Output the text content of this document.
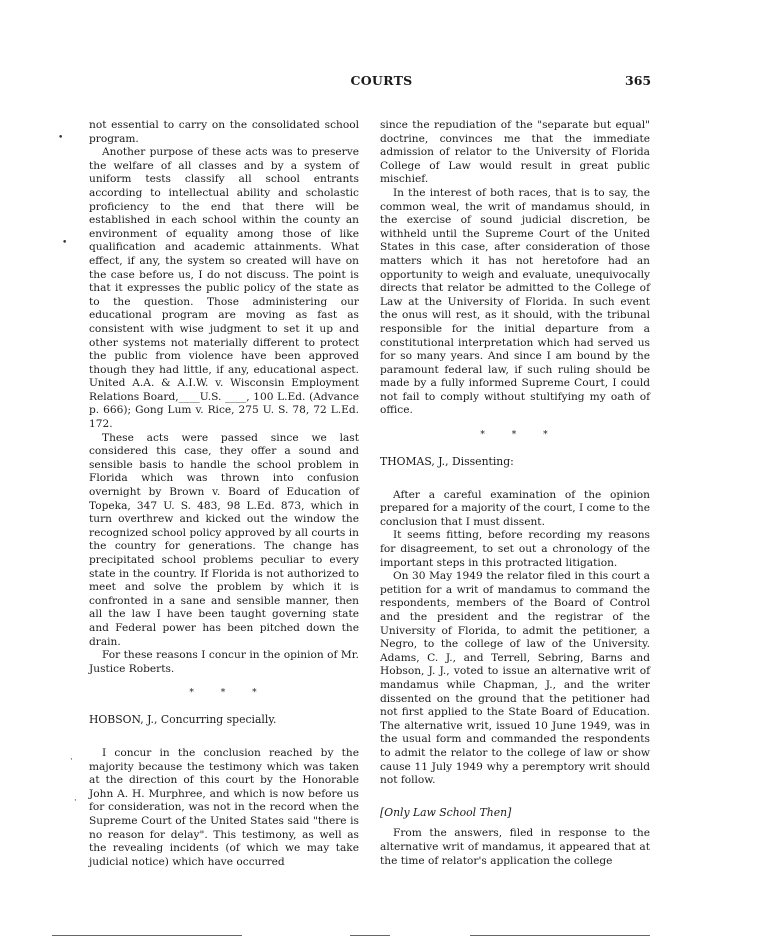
COURTS	365

not essential to carry on the consolidated school program.

Another purpose of these acts was to preserve the welfare of all classes and by a system of uniform tests classify all school entrants according to intellectual ability and scholastic proficiency to the end that there will be established in each school within the county an environment of equality among those of like qualification and academic attainments. What effect, if any, the system so created will have on the case before us, I do not discuss. The point is that it expresses the public policy of the state as to the question. Those administering our educational program are moving as fast as consistent with wise judgment to set it up and other systems not materially different to protect the public from violence have been approved though they had little, if any, educational aspect. United A.A. & A.I.W. v. Wisconsin Employment Relations Board,____U.S. ____, 100 L.Ed. (Advance p. 666); Gong Lum v. Rice, 275 U. S. 78, 72 L.Ed. 172.

These acts were passed since we last considered this case, they offer a sound and sensible basis to handle the school problem in Florida which was thrown into confusion overnight by Brown v. Board of Education of Topeka, 347 U. S. 483, 98 L.Ed. 873, which in turn overthrew and kicked out the window the recognized school policy approved by all courts in the country for generations. The change has precipitated school problems peculiar to every state in the country. If Florida is not authorized to meet and solve the problem by which it is confronted in a sane and sensible manner, then all the law I have been taught governing state and Federal power has been pitched down the drain.

For these reasons I concur in the opinion of Mr. Justice Roberts.

* * *
HOBSON, J., Concurring specially.

I concur in the conclusion reached by the majority because the testimony which was taken at the direction of this court by the Honorable John A. H. Murphree, and which is now before us for consideration, was not in the record when the Supreme Court of the United States said "there is no reason for delay". This testimony, as well as the revealing incidents (of which we may take judicial notice) which have occurred

since the repudiation of the "separate but equal" doctrine, convinces me that the immediate admission of relator to the University of Florida College of Law would result in great public mischief.

In the interest of both races, that is to say, the common weal, the writ of mandamus should, in the exercise of sound judicial discretion, be withheld until the Supreme Court of the United States in this case, after consideration of those matters which it has not heretofore had an opportunity to weigh and evaluate, unequivocally directs that relator be admitted to the College of Law at the University of Florida. In such event the onus will rest, as it should, with the tribunal responsible for the initial departure from a constitutional interpretation which had served us for so many years. And since I am bound by the paramount federal law, if such ruling should be made by a fully informed Supreme Court, I could not fail to comply without stultifying my oath of office.

* * *
THOMAS, J., Dissenting:

After a careful examination of the opinion prepared for a majority of the court, I come to the conclusion that I must dissent.

It seems fitting, before recording my reasons for disagreement, to set out a chronology of the important steps in this protracted litigation.

On 30 May 1949 the relator filed in this court a petition for a writ of mandamus to command the respondents, members of the Board of Control and the president and the registrar of the University of Florida, to admit the petitioner, a Negro, to the college of law of the University. Adams, C. J., and Terrell, Sebring, Barns and Hobson, J. J., voted to issue an alternative writ of mandamus while Chapman, J., and the writer dissented on the ground that the petitioner had not first applied to the State Board of Education. The alternative writ, issued 10 June 1949, was in the usual form and commanded the respondents to admit the relator to the college of law or show cause 11 July 1949 why a peremptory writ should not follow.

[Only Law School Then]

From the answers, filed in response to the alternative writ of mandamus, it appeared that at the time of relator's application the college

•
•
·
·
